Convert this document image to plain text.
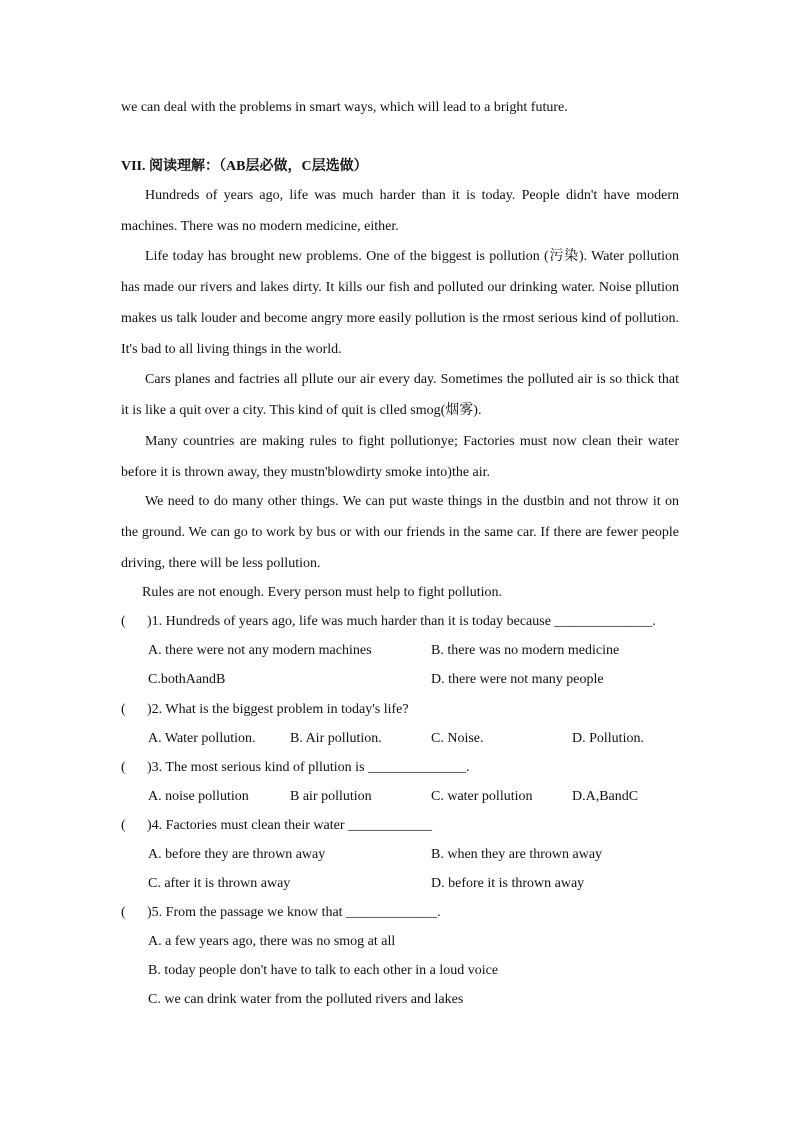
we can deal with the problems in smart ways, which will lead to a bright future.

VII. 阅读理解：（AB层必做，C层选做）

Hundreds of years ago, life was much harder than it is today. People didn't have modern machines. There was no modern medicine, either.

Life today has brought new problems. One of the biggest is pollution (污染). Water pollution has made our rivers and lakes dirty. It kills our fish and polluted our drinking water. Noise pllution makes us talk louder and become angry more easily pollution is the rmost serious kind of pollution. It's bad to all living things in the world.

Cars planes and factries all pllute our air every day. Sometimes the polluted air is so thick that it is like a quit over a city. This kind of quit is clled smog(烟雾).

Many countries are making rules to fight pollutionye; Factories must now clean their water before it is thrown away, they mustn'blowdirty smoke into)the air.

We need to do many other things. We can put waste things in the dustbin and not throw it on the ground. We can go to work by bus or with our friends in the same car. If there are fewer people driving, there will be less pollution.

Rules are not enough. Every person must help to fight pollution.

( )1. Hundreds of years ago, life was much harder than it is today because ______________.
A. there were not any modern machines	B. there was no modern medicine
C.bothAandB	D. there were not many people
( )2. What is the biggest problem in today's life?
A. Water pollution. B. Air pollution.	C. Noise.	D. Pollution.
( )3. The most serious kind of pllution is ______________.
A. noise pollution	B air pollution	C. water pollution	D.A,BandC
( )4. Factories must clean their water ____________
A. before they are thrown away	B. when they are thrown away
C. after it is thrown away	D. before it is thrown away
( )5. From the passage we know that _____________.
A. a few years ago, there was no smog at all
B. today people don't have to talk to each other in a loud voice
C. we can drink water from the polluted rivers and lakes
